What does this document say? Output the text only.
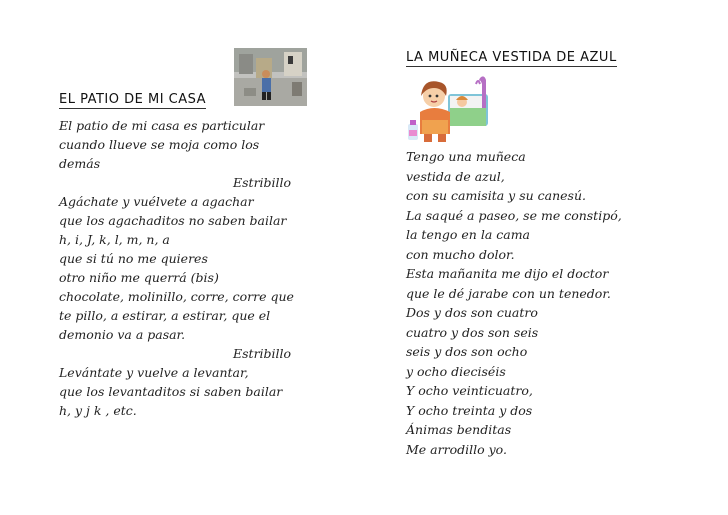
EL PATIO DE MI CASA
El patio de mi casa es particular
cuando llueve se moja como los
demás
Estribillo
Agáchate y vuélvete a agachar
que los agachaditos no saben bailar
h, i, J, k, l, m, n, a
que si tú no me quieres
otro niño me querrá (bis)
chocolate, molinillo, corre, corre que
te pillo, a estirar, a estirar, que el
demonio va a pasar.
Estribillo
Levántate y vuelve a levantar,
que los levantaditos si saben bailar
h, y j k , etc.
LA MUÑECA VESTIDA DE AZUL
Tengo una muñeca
vestida de azul,
con su camisita y su canesú.
La saqué a paseo, se me constipó,
la tengo en la cama
con mucho dolor.
Esta mañanita me dijo el doctor
que le dé jarabe con un tenedor.
Dos y dos son cuatro
cuatro y dos son seis
seis y dos son ocho
y ocho dieciséis
Y ocho veinticuatro,
Y ocho treinta y dos
Ánimas benditas
Me arrodillo yo.
